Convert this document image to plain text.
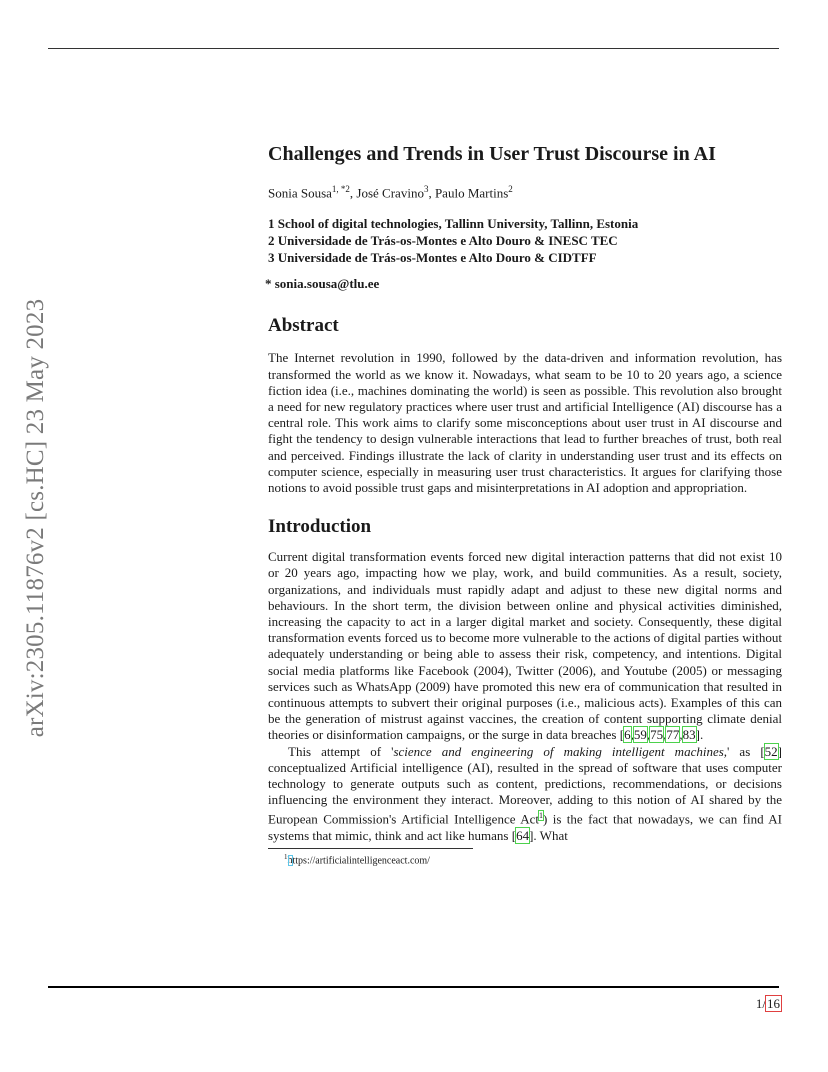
arXiv:2305.11876v2 [cs.HC] 23 May 2023
Challenges and Trends in User Trust Discourse in AI
Sonia Sousa$^{1, *2}$, José Cravino$^3$, Paulo Martins$^2$
1 School of digital technologies, Tallinn University, Tallinn, Estonia
2 Universidade de Trás-os-Montes e Alto Douro & INESC TEC
3 Universidade de Trás-os-Montes e Alto Douro & CIDTFF
* sonia.sousa@tlu.ee
Abstract

The Internet revolution in 1990, followed by the data-driven and information revolution, has transformed the world as we know it. Nowadays, what seam to be 10 to 20 years ago, a science fiction idea (i.e., machines dominating the world) is seen as possible. This revolution also brought a need for new regulatory practices where user trust and artificial Intelligence (AI) discourse has a central role. This work aims to clarify some misconceptions about user trust in AI discourse and fight the tendency to design vulnerable interactions that lead to further breaches of trust, both real and perceived. Findings illustrate the lack of clarity in understanding user trust and its effects on computer science, especially in measuring user trust characteristics. It argues for clarifying those notions to avoid possible trust gaps and misinterpretations in AI adoption and appropriation.

Introduction

Current digital transformation events forced new digital interaction patterns that did not exist 10 or 20 years ago, impacting how we play, work, and build communities. As a result, society, organizations, and individuals must rapidly adapt and adjust to these new digital norms and behaviours. In the short term, the division between online and physical activities diminished, increasing the capacity to act in a larger digital market and society. Consequently, these digital transformation events forced us to become more vulnerable to the actions of digital parties without adequately understanding or being able to assess their risk, competency, and intentions. Digital social media platforms like Facebook (2004), Twitter (2006), and Youtube (2005) or messaging services such as WhatsApp (2009) have promoted this new era of communication that resulted in continuous attempts to subvert their original purposes (i.e., malicious acts). Examples of this can be the generation of mistrust against vaccines, the creation of content supporting climate denial theories or disinformation campaigns, or the surge in data breaches [6,59,75,77,83].

This attempt of 'science and engineering of making intelligent machines,' as [52] conceptualized Artificial intelligence (AI), resulted in the spread of software that uses computer technology to generate outputs such as content, predictions, recommendations, or decisions influencing the environment they interact. Moreover, adding to this notion of AI shared by the European Commission's Artificial Intelligence Act$^1$) is the fact that nowadays, we can find AI systems that mimic, think and act like humans [64]. What

$^1$https://artificialintelligenceact.com/
1/16
